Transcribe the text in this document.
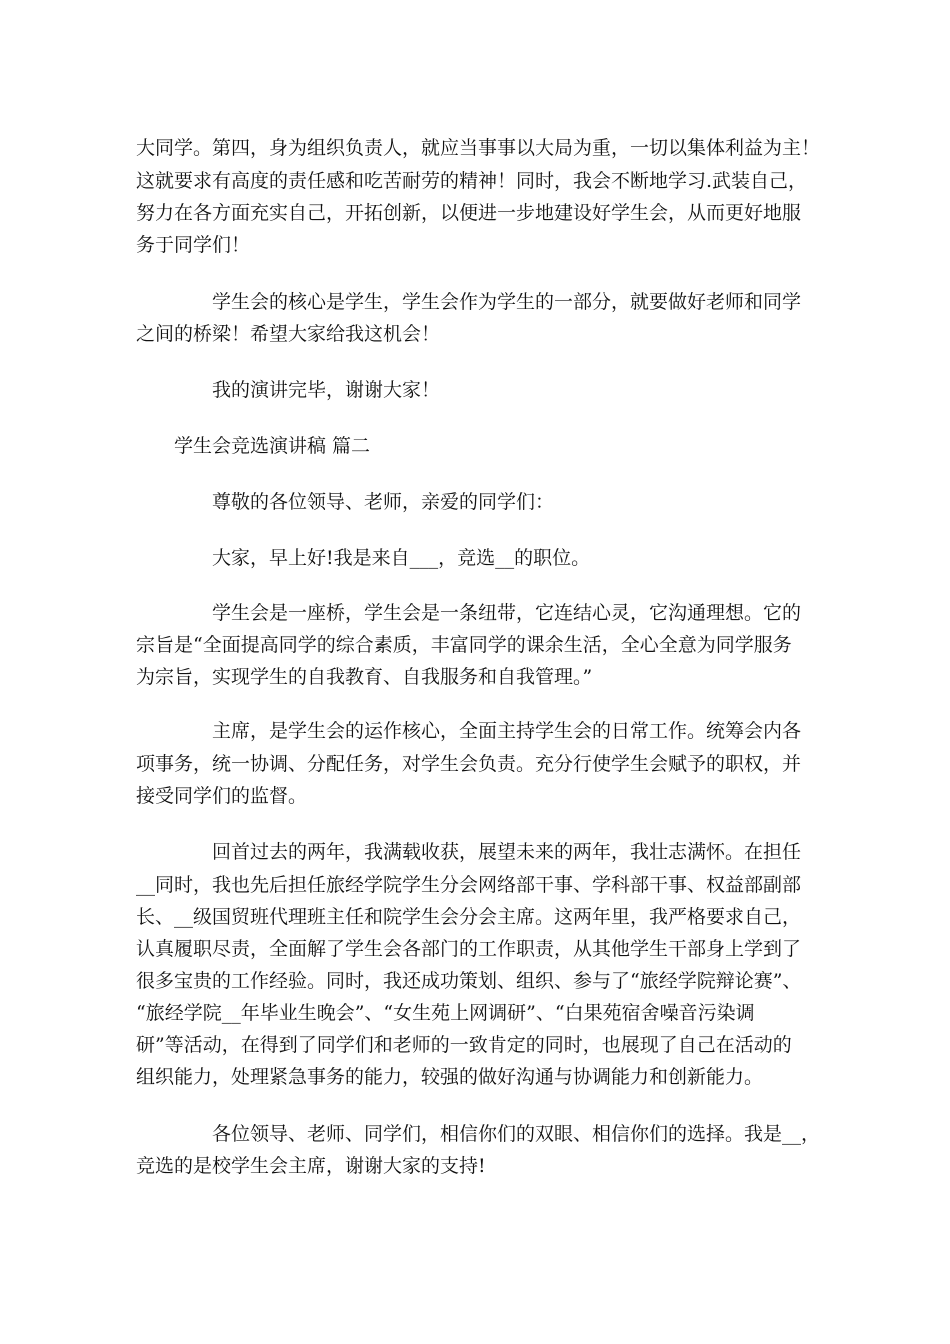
大同学。第四，身为组织负责人，就应当事事以大局为重，一切以集体利益为主！
这就要求有高度的责任感和吃苦耐劳的精神！同时，我会不断地学习.武装自己，
努力在各方面充实自己，开拓创新，以便进一步地建设好学生会，从而更好地服
务于同学们！
学生会的核心是学生，学生会作为学生的一部分，就要做好老师和同学
之间的桥梁！希望大家给我这机会！
我的演讲完毕，谢谢大家！
学生会竞选演讲稿 篇二
尊敬的各位领导、老师，亲爱的同学们：
大家，早上好!我是来自___，竞选__的职位。
学生会是一座桥，学生会是一条纽带，它连结心灵，它沟通理想。它的
宗旨是“全面提高同学的综合素质，丰富同学的课余生活，全心全意为同学服务
为宗旨，实现学生的自我教育、自我服务和自我管理。”
主席，是学生会的运作核心，全面主持学生会的日常工作。统筹会内各
项事务，统一协调、分配任务，对学生会负责。充分行使学生会赋予的职权，并
接受同学们的监督。
回首过去的两年，我满载收获，展望未来的两年，我壮志满怀。在担任
__同时，我也先后担任旅经学院学生分会网络部干事、学科部干事、权益部副部
长、__级国贸班代理班主任和院学生会分会主席。这两年里，我严格要求自己，
认真履职尽责，全面解了学生会各部门的工作职责，从其他学生干部身上学到了
很多宝贵的工作经验。同时，我还成功策划、组织、参与了“旅经学院辩论赛”、
“旅经学院__年毕业生晚会”、“女生苑上网调研”、“白果苑宿舍噪音污染调
研”等活动，在得到了同学们和老师的一致肯定的同时，也展现了自己在活动的
组织能力，处理紧急事务的能力，较强的做好沟通与协调能力和创新能力。
各位领导、老师、同学们，相信你们的双眼、相信你们的选择。我是__，
竞选的是校学生会主席，谢谢大家的支持!
